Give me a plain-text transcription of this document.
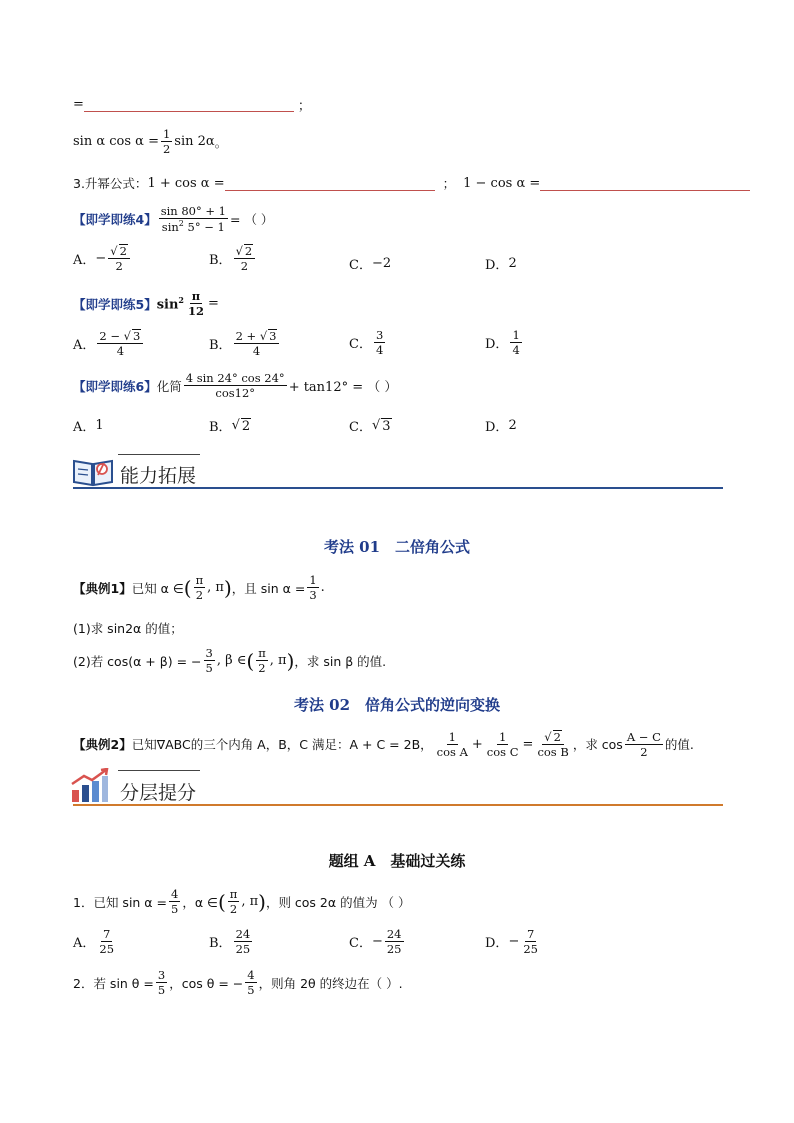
=	；
sin α $\cos \alpha = \frac{1}{2}$ sin 2α 。
3.升幂公式： 1 + cos α =	； 1 − cos α =
【即学即练4】 $\frac{\sin 80^\circ + 1}{\sin^2 5^\circ - 1}$ = （ ）
A． − $\frac{√ 2}{2}$	B． $\frac{√ 2}{2}$	C． −2	D． 2
【即学即练5】 $\sin^2 \frac{\pi}{12}$ =
A． $\frac{2 - √ 3}{4}$	B． $\frac{2 + √ 3}{4}$	C． $\frac{3}{4}$	D． $\frac{1}{4}$
【即学即练6】 化简 $\frac{4 \sin 24^\circ \cos 24^\circ}{\cos 12^\circ} + \tan 12^\circ$ = （ ）
A． 1	B． √ 2	C． √ 3	D． 2
能力拓展
考法 01　二倍角公式
【典例1】 已知 α ∈ ( $\frac{\pi}{2}$ , π ) ，且 $\sin \alpha = \frac{1}{3}$ .
(1)求 sin2α 的值；
(2)若 cos(α + β) = − $\frac{3}{5}$ , β ∈ ( $\frac{\pi}{2}$ , π ) ，求 sin β 的值.
考法 02　倍角公式的逆向变换
【典例2】 已知∇ABC的三个内角 A，B，C 满足：A + C = 2B， $\frac{1}{\text{cos A}} + \frac{1}{\text{cos C}} = \frac{√ 2}{\text{cos B}}$ ，求 $\cos \frac{A - C}{2}$ 的值.
分层提分
题组 A　基础过关练
1．已知 $\sin \alpha = \frac{4}{5}$ ，α ∈ ( $\frac{\pi}{2}$ , π ) ，则 cos 2α 的值为 （ ）
A． $\frac{7}{25}$	B． $\frac{24}{25}$	C． − $\frac{24}{25}$	D． − $\frac{7}{25}$
2．若 $\sin \theta = \frac{3}{5}$ ，cos θ = − $\frac{4}{5}$ ，则角 2θ 的终边在（ ）.
